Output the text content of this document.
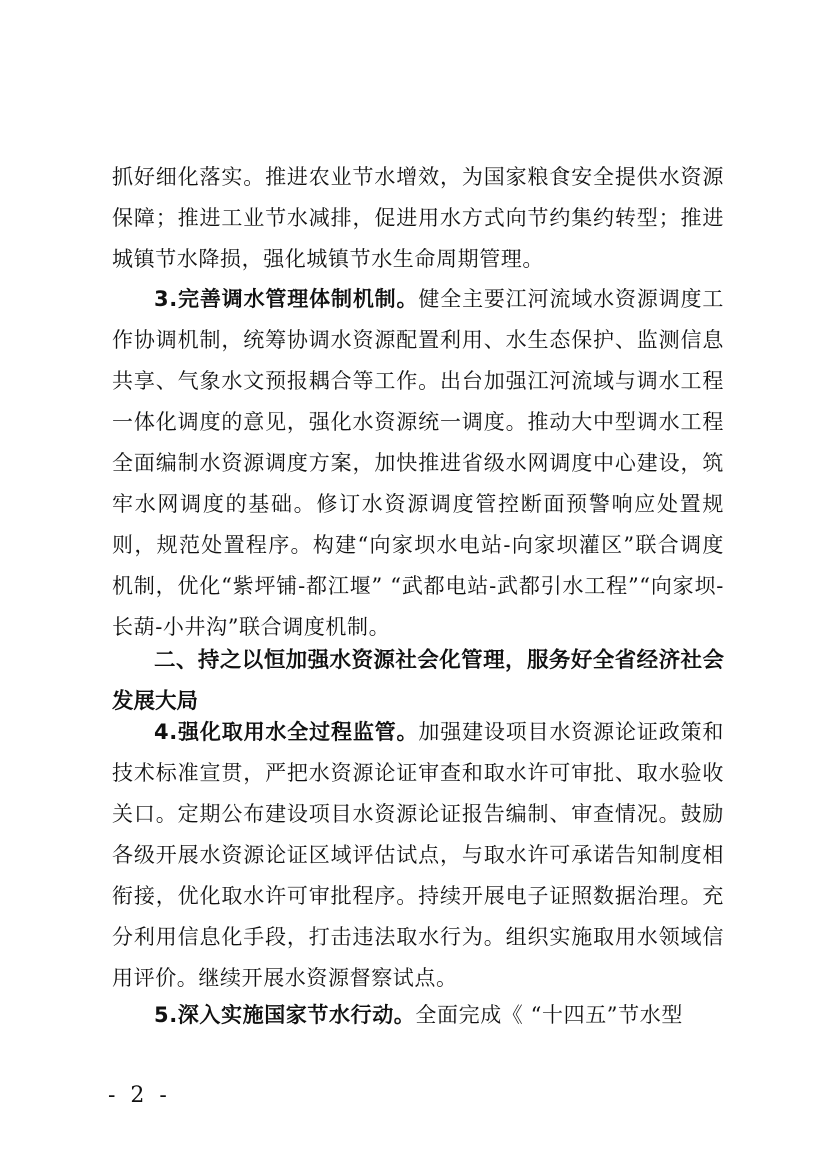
抓好细化落实。推进农业节水增效，为国家粮食安全提供水资源保障；推进工业节水减排，促进用水方式向节约集约转型；推进城镇节水降损，强化城镇节水生命周期管理。

3.完善调水管理体制机制。健全主要江河流域水资源调度工作协调机制，统筹协调水资源配置利用、水生态保护、监测信息共享、气象水文预报耦合等工作。出台加强江河流域与调水工程一体化调度的意见，强化水资源统一调度。推动大中型调水工程全面编制水资源调度方案，加快推进省级水网调度中心建设，筑牢水网调度的基础。修订水资源调度管控断面预警响应处置规则，规范处置程序。构建“向家坝水电站-向家坝灌区”联合调度机制，优化“紫坪铺-都江堰” “武都电站-武都引水工程”“向家坝-长葫-小井沟”联合调度机制。

二、持之以恒加强水资源社会化管理，服务好全省经济社会发展大局

4.强化取用水全过程监管。加强建设项目水资源论证政策和技术标准宣贯，严把水资源论证审查和取水许可审批、取水验收关口。定期公布建设项目水资源论证报告编制、审查情况。鼓励各级开展水资源论证区域评估试点，与取水许可承诺告知制度相衔接，优化取水许可审批程序。持续开展电子证照数据治理。充分利用信息化手段，打击违法取水行为。组织实施取用水领域信用评价。继续开展水资源督察试点。

5.深入实施国家节水行动。全面完成《 “十四五”节水型

- 2 -
